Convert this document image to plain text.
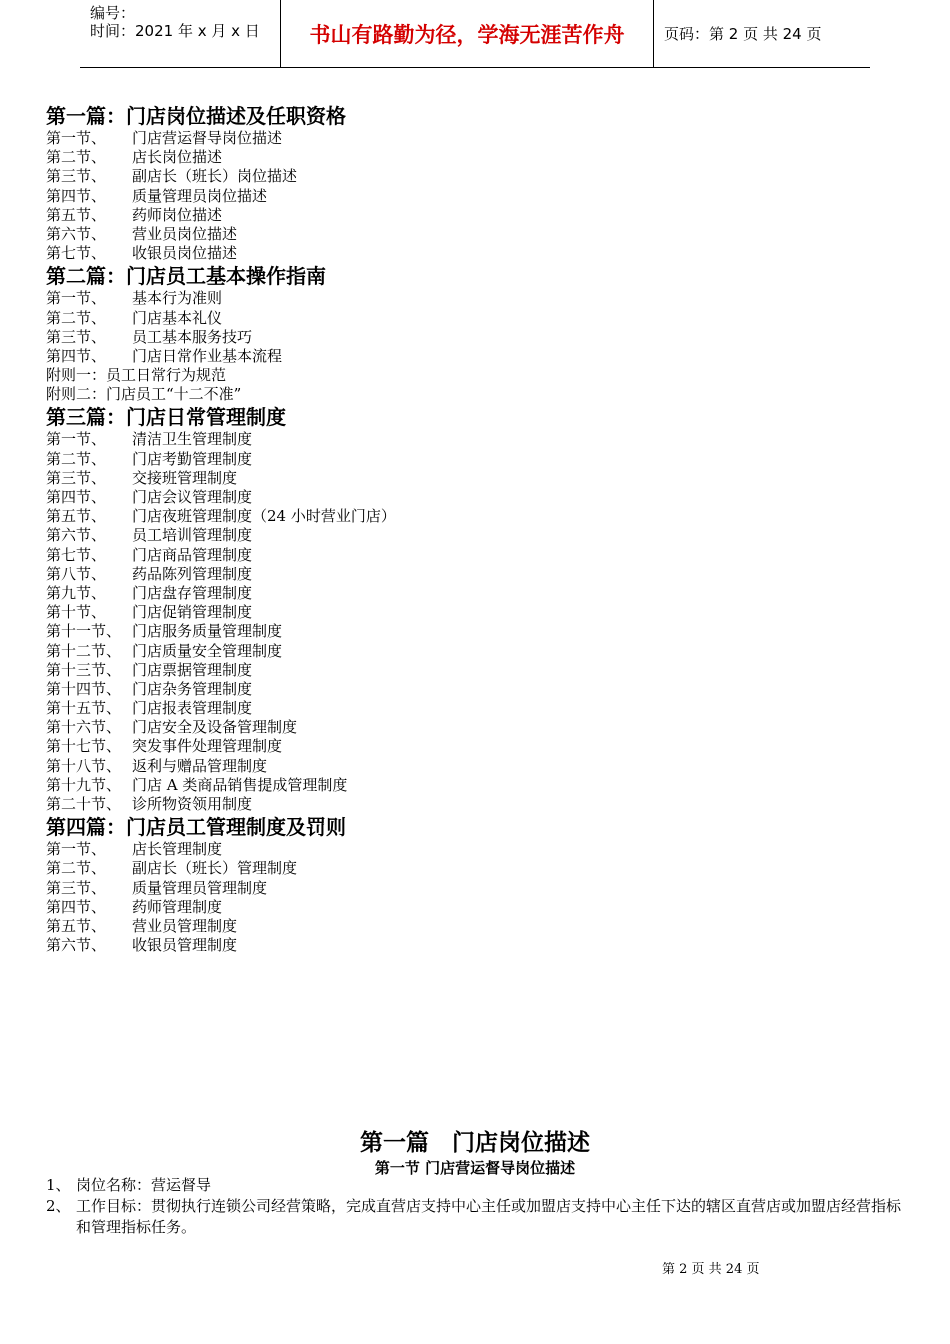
编号：
时间：2021 年 x 月 x 日	书山有路勤为径，学海无涯苦作舟	页码：第 2 页 共 24 页
第一篇：门店岗位描述及任职资格
第一节、 门店营运督导岗位描述
第二节、 店长岗位描述
第三节、 副店长（班长）岗位描述
第四节、 质量管理员岗位描述
第五节、 药师岗位描述
第六节、 营业员岗位描述
第七节、 收银员岗位描述
第二篇：门店员工基本操作指南
第一节、 基本行为准则
第二节、 门店基本礼仪
第三节、 员工基本服务技巧
第四节、 门店日常作业基本流程
附则一：员工日常行为规范
附则二：门店员工“十二不准”
第三篇：门店日常管理制度
第一节、 清洁卫生管理制度
第二节、 门店考勤管理制度
第三节、 交接班管理制度
第四节、 门店会议管理制度
第五节、 门店夜班管理制度（24 小时营业门店）
第六节、 员工培训管理制度
第七节、 门店商品管理制度
第八节、 药品陈列管理制度
第九节、 门店盘存管理制度
第十节、 门店促销管理制度
第十一节、 门店服务质量管理制度
第十二节、 门店质量安全管理制度
第十三节、 门店票据管理制度
第十四节、 门店杂务管理制度
第十五节、 门店报表管理制度
第十六节、 门店安全及设备管理制度
第十七节、 突发事件处理管理制度
第十八节、 返利与赠品管理制度
第十九节、 门店 A 类商品销售提成管理制度
第二十节、 诊所物资领用制度
第四篇：门店员工管理制度及罚则
第一节、 店长管理制度
第二节、 副店长（班长）管理制度
第三节、 质量管理员管理制度
第四节、 药师管理制度
第五节、 营业员管理制度
第六节、 收银员管理制度
第一篇　门店岗位描述
第一节 门店营运督导岗位描述
1、 岗位名称：营运督导
2、 工作目标：贯彻执行连锁公司经营策略，完成直营店支持中心主任或加盟店支持中心主任下达的辖区直营店或加盟店经营指标和管理指标任务。
第 2 页 共 24 页
